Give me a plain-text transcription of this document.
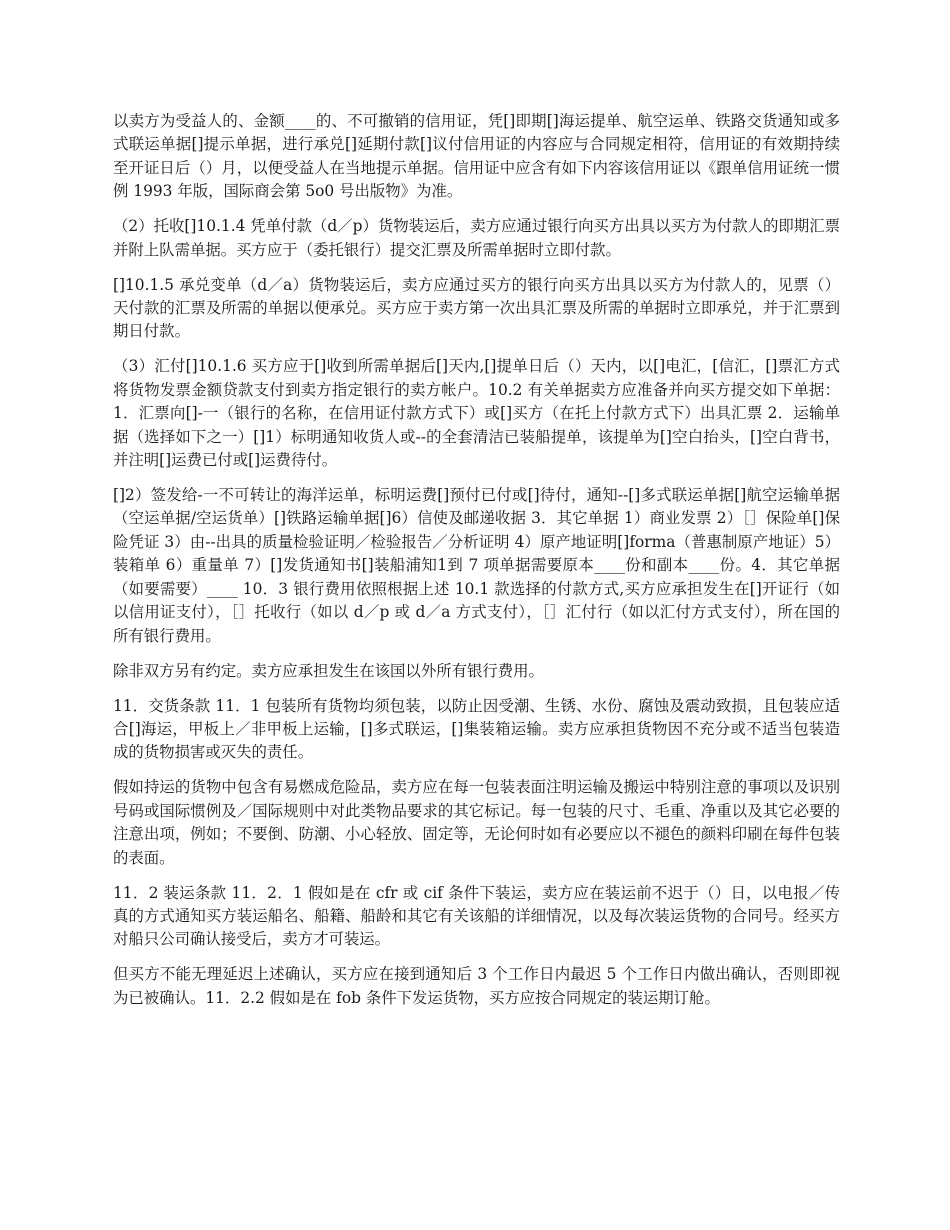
以卖方为受益人的、金额____的、不可撤销的信用证，凭[]即期[]海运提单、航空运单、铁路交货通知或多式联运单据[]提示单据，进行承兑[]延期付款[]议付信用证的内容应与合同规定相符，信用证的有效期持续至开证日后（）月，以便受益人在当地提示单据。信用证中应含有如下内容该信用证以《跟单信用证统一惯例 1993 年版，国际商会第 5o0 号出版物》为准。

（2）托收[]10.1.4 凭单付款（d／p）货物装运后，卖方应通过银行向买方出具以买方为付款人的即期汇票并附上队需单据。买方应于（委托银行）提交汇票及所需单据时立即付款。

[]10.1.5 承兑变单（d／a）货物装运后，卖方应通过买方的银行向买方出具以买方为付款人的，见票（）天付款的汇票及所需的单据以便承兑。买方应于卖方第一次出具汇票及所需的单据时立即承兑，并于汇票到期日付款。

（3）汇付[]10.1.6 买方应于[]收到所需单据后[]天内,[]提单日后（）天内，以[]电汇，[信汇，[]票汇方式将货物发票金额贷款支付到卖方指定银行的卖方帐户。10.2 有关单据卖方应准备并向买方提交如下单据：1．汇票向[]-一（银行的名称，在信用证付款方式下）或[]买方（在托上付款方式下）出具汇票 2．运输单据（选择如下之一）[]1）标明通知收货人或--的全套清洁已装船提单，该提单为[]空白抬头，[]空白背书，并注明[]运费已付或[]运费待付。

[]2）签发给-一不可转让的海洋运单，标明运费[]预付已付或[]待付，通知--[]多式联运单据[]航空运输单据（空运单据/空运货单）[]铁路运输单据[]6）信使及邮递收据 3．其它单据 1）商业发票 2）［］保险单[]保险凭证 3）由--出具的质量检验证明／检验报告／分析证明 4）原产地证明[]forma（普惠制原产地证）5）装箱单 6）重量单 7）[]发货通知书[]装船浦知1到 7 项单据需要原本____份和副本____份。4．其它单据（如要需要）____ 10．3 银行费用依照根据上述 10.1 款选择的付款方式,买方应承担发生在[]开证行（如以信用证支付），［］托收行（如以 d／p 或 d／a 方式支付），［］汇付行（如以汇付方式支付），所在国的所有银行费用。

除非双方另有约定。卖方应承担发生在该国以外所有银行费用。

11．交货条款 11．1 包装所有货物均须包装，以防止因受潮、生锈、水份、腐蚀及震动致损，且包装应适合[]海运，甲板上／非甲板上运输，[]多式联运，[]集装箱运输。卖方应承担货物因不充分或不适当包装造成的货物损害或灭失的责任。

假如持运的货物中包含有易燃成危险品，卖方应在每一包装表面注明运输及搬运中特别注意的事项以及识别号码或国际惯例及／国际规则中对此类物品要求的其它标记。每一包装的尺寸、毛重、净重以及其它必要的注意出项，例如；不要倒、防潮、小心轻放、固定等，无论何时如有必要应以不褪色的颜料印刷在每件包装的表面。

11．2 装运条款 11．2．1 假如是在 cfr 或 cif 条件下装运，卖方应在装运前不迟于（）日，以电报／传真的方式通知买方装运船名、船籍、船龄和其它有关该船的详细情况，以及每次装运货物的合同号。经买方对船只公司确认接受后，卖方才可装运。

但买方不能无理延迟上述确认，买方应在接到通知后 3 个工作日内最迟 5 个工作日内做出确认，否则即视为已被确认。11．2.2 假如是在 fob 条件下发运货物，买方应按合同规定的装运期订舱。
